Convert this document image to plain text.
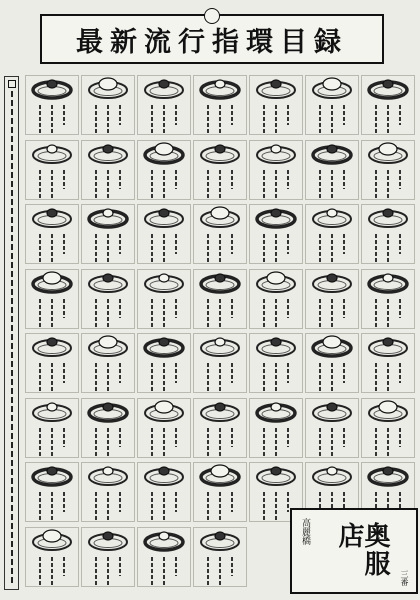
最新流行指環目録
高麗橋	奥服店
三番
